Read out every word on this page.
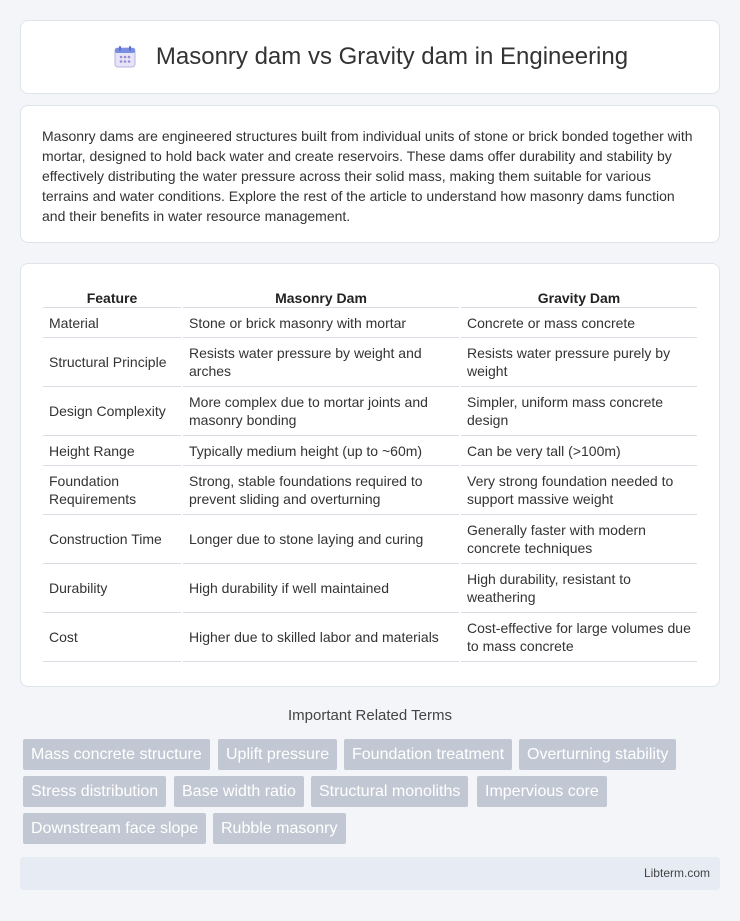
Masonry dam vs Gravity dam in Engineering

Masonry dams are engineered structures built from individual units of stone or brick bonded together with mortar, designed to hold back water and create reservoirs. These dams offer durability and stability by effectively distributing the water pressure across their solid mass, making them suitable for various terrains and water conditions. Explore the rest of the article to understand how masonry dams function and their benefits in water resource management.

Feature	Masonry Dam	Gravity Dam
Material	Stone or brick masonry with mortar	Concrete or mass concrete
Structural Principle	Resists water pressure by weight and arches	Resists water pressure purely by weight
Design Complexity	More complex due to mortar joints and masonry bonding	Simpler, uniform mass concrete design
Height Range	Typically medium height (up to ~60m)	Can be very tall (>100m)
Foundation Requirements	Strong, stable foundations required to prevent sliding and overturning	Very strong foundation needed to support massive weight
Construction Time	Longer due to stone laying and curing	Generally faster with modern concrete techniques
Durability	High durability if well maintained	High durability, resistant to weathering
Cost	Higher due to skilled labor and materials	Cost-effective for large volumes due to mass concrete
Important Related Terms
Mass concrete structure	Uplift pressure	Foundation treatment	Overturning stability
Stress distribution	Base width ratio	Structural monoliths	Impervious core
Downstream face slope	Rubble masonry
Libterm.com
